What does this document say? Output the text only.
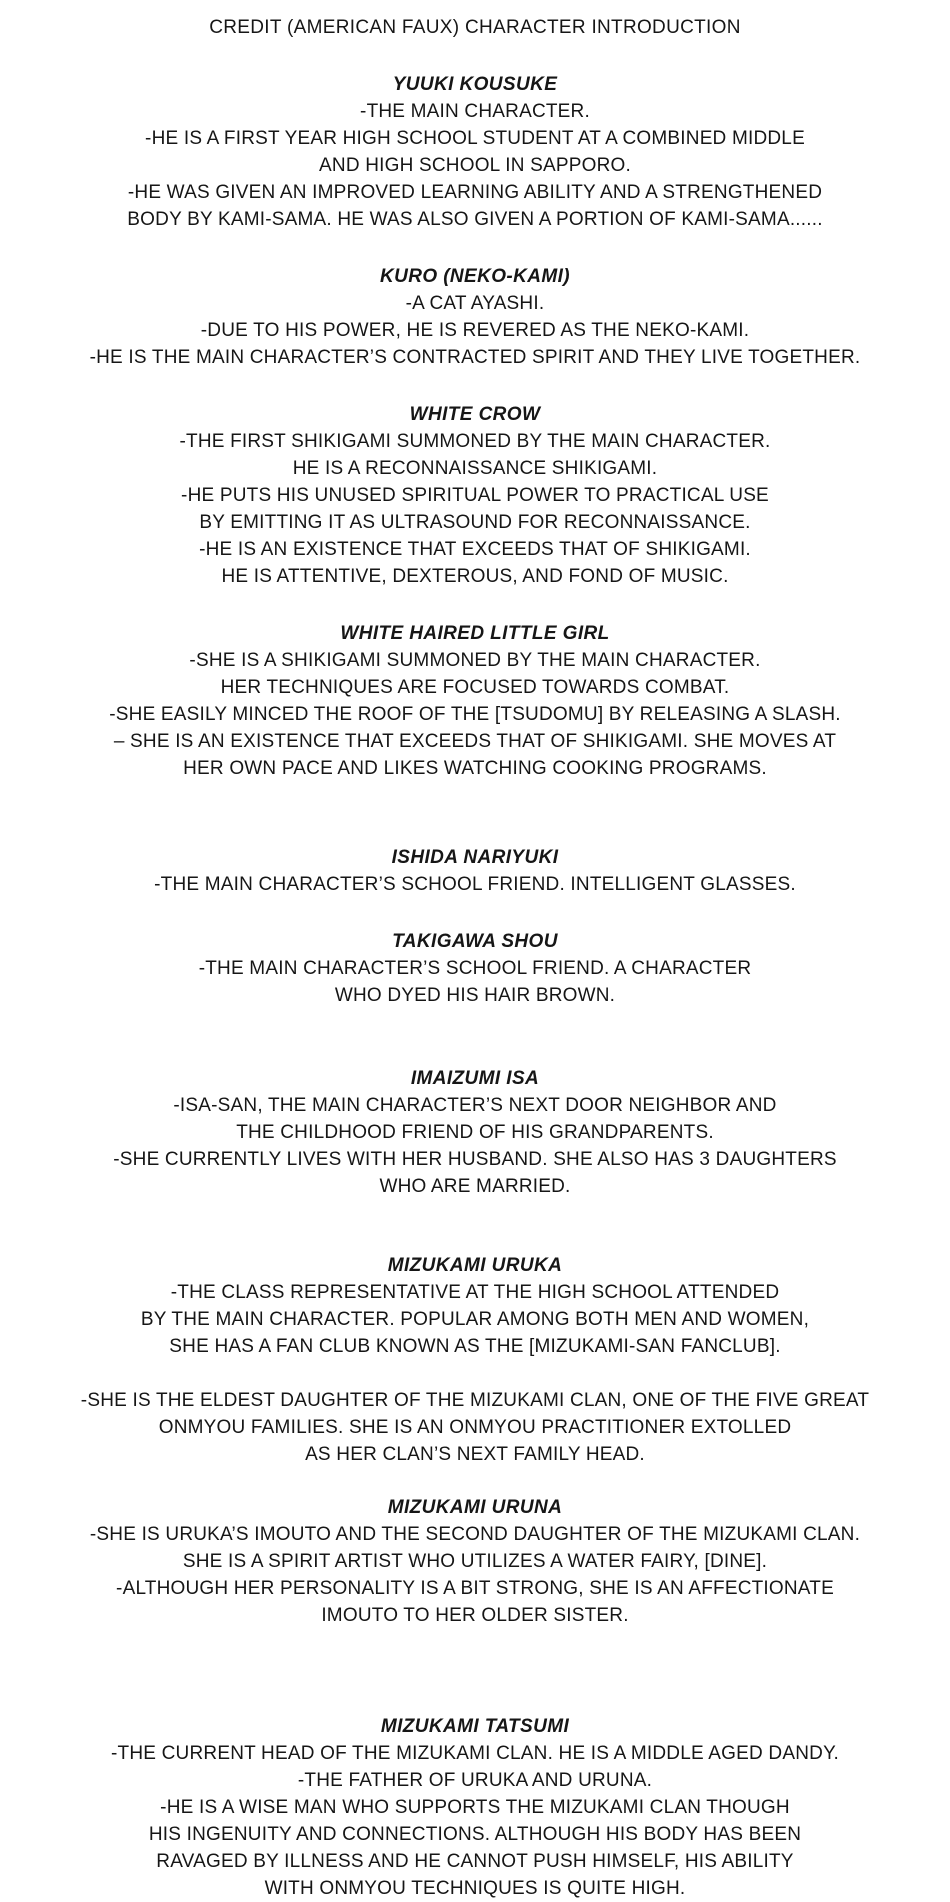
CREDIT (AMERICAN FAUX) CHARACTER INTRODUCTION
YUUKI KOUSUKE
-THE MAIN CHARACTER.
-HE IS A FIRST YEAR HIGH SCHOOL STUDENT AT A COMBINED MIDDLE
AND HIGH SCHOOL IN SAPPORO.
-HE WAS GIVEN AN IMPROVED LEARNING ABILITY AND A STRENGTHENED
BODY BY KAMI-SAMA. HE WAS ALSO GIVEN A PORTION OF KAMI-SAMA......
KURO (NEKO-KAMI)
-A CAT AYASHI.
-DUE TO HIS POWER, HE IS REVERED AS THE NEKO-KAMI.
-HE IS THE MAIN CHARACTER’S CONTRACTED SPIRIT AND THEY LIVE TOGETHER.
WHITE CROW
-THE FIRST SHIKIGAMI SUMMONED BY THE MAIN CHARACTER.
HE IS A RECONNAISSANCE SHIKIGAMI.
-HE PUTS HIS UNUSED SPIRITUAL POWER TO PRACTICAL USE
BY EMITTING IT AS ULTRASOUND FOR RECONNAISSANCE.
-HE IS AN EXISTENCE THAT EXCEEDS THAT OF SHIKIGAMI.
HE IS ATTENTIVE, DEXTEROUS, AND FOND OF MUSIC.
WHITE HAIRED LITTLE GIRL
-SHE IS A SHIKIGAMI SUMMONED BY THE MAIN CHARACTER.
HER TECHNIQUES ARE FOCUSED TOWARDS COMBAT.
-SHE EASILY MINCED THE ROOF OF THE [TSUDOMU] BY RELEASING A SLASH.
– SHE IS AN EXISTENCE THAT EXCEEDS THAT OF SHIKIGAMI. SHE MOVES AT
HER OWN PACE AND LIKES WATCHING COOKING PROGRAMS.
ISHIDA NARIYUKI
-THE MAIN CHARACTER’S SCHOOL FRIEND. INTELLIGENT GLASSES.
TAKIGAWA SHOU
-THE MAIN CHARACTER’S SCHOOL FRIEND. A CHARACTER
WHO DYED HIS HAIR BROWN.
IMAIZUMI ISA
-ISA-SAN, THE MAIN CHARACTER’S NEXT DOOR NEIGHBOR AND
THE CHILDHOOD FRIEND OF HIS GRANDPARENTS.
-SHE CURRENTLY LIVES WITH HER HUSBAND. SHE ALSO HAS 3 DAUGHTERS
WHO ARE MARRIED.
MIZUKAMI URUKA
-THE CLASS REPRESENTATIVE AT THE HIGH SCHOOL ATTENDED
BY THE MAIN CHARACTER. POPULAR AMONG BOTH MEN AND WOMEN,
SHE HAS A FAN CLUB KNOWN AS THE [MIZUKAMI-SAN FANCLUB].

-SHE IS THE ELDEST DAUGHTER OF THE MIZUKAMI CLAN, ONE OF THE FIVE GREAT
ONMYOU FAMILIES. SHE IS AN ONMYOU PRACTITIONER EXTOLLED
AS HER CLAN’S NEXT FAMILY HEAD.
MIZUKAMI URUNA
-SHE IS URUKA’S IMOUTO AND THE SECOND DAUGHTER OF THE MIZUKAMI CLAN.
SHE IS A SPIRIT ARTIST WHO UTILIZES A WATER FAIRY, [DINE].
-ALTHOUGH HER PERSONALITY IS A BIT STRONG, SHE IS AN AFFECTIONATE
IMOUTO TO HER OLDER SISTER.
MIZUKAMI TATSUMI
-THE CURRENT HEAD OF THE MIZUKAMI CLAN. HE IS A MIDDLE AGED DANDY.
-THE FATHER OF URUKA AND URUNA.
-HE IS A WISE MAN WHO SUPPORTS THE MIZUKAMI CLAN THOUGH
HIS INGENUITY AND CONNECTIONS. ALTHOUGH HIS BODY HAS BEEN
RAVAGED BY ILLNESS AND HE CANNOT PUSH HIMSELF, HIS ABILITY
WITH ONMYOU TECHNIQUES IS QUITE HIGH.
